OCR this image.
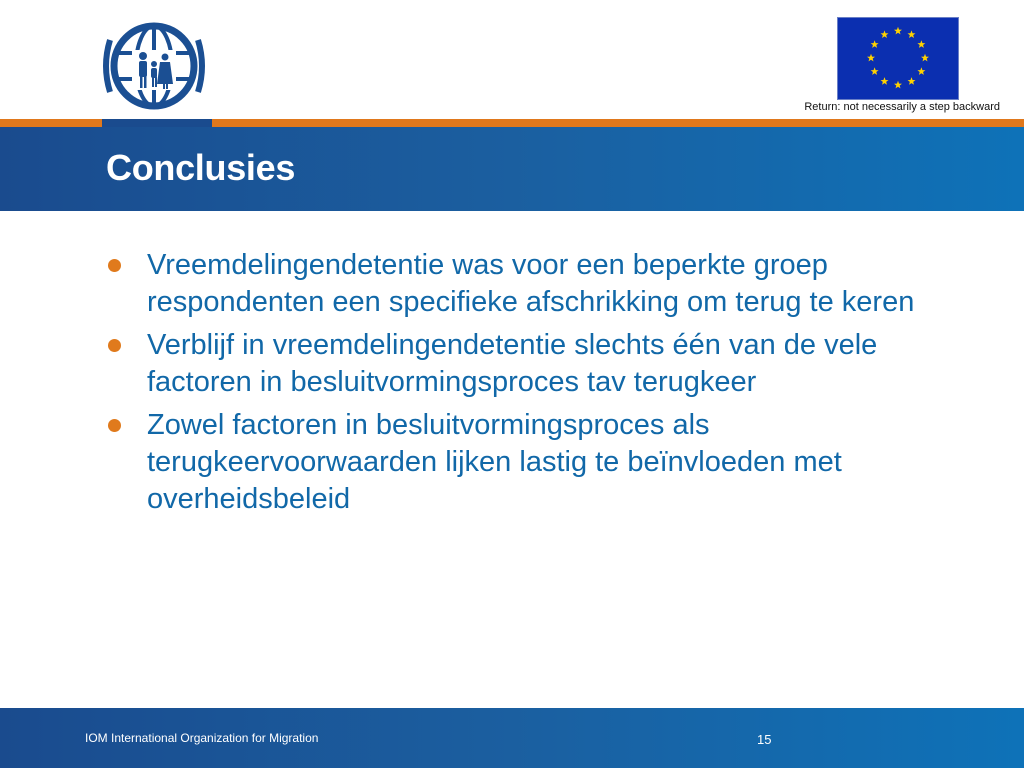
Return: not necessarily a step backward
Conclusies
Vreemdelingendetentie was voor een beperkte groep respondenten een specifieke afschrikking om terug te keren
Verblijf in vreemdelingendetentie slechts één van de vele factoren in besluitvormingsproces tav terugkeer
Zowel factoren in besluitvormingsproces als terugkeervoorwaarden lijken lastig te beïnvloeden met overheidsbeleid
IOM International Organization for Migration	15
